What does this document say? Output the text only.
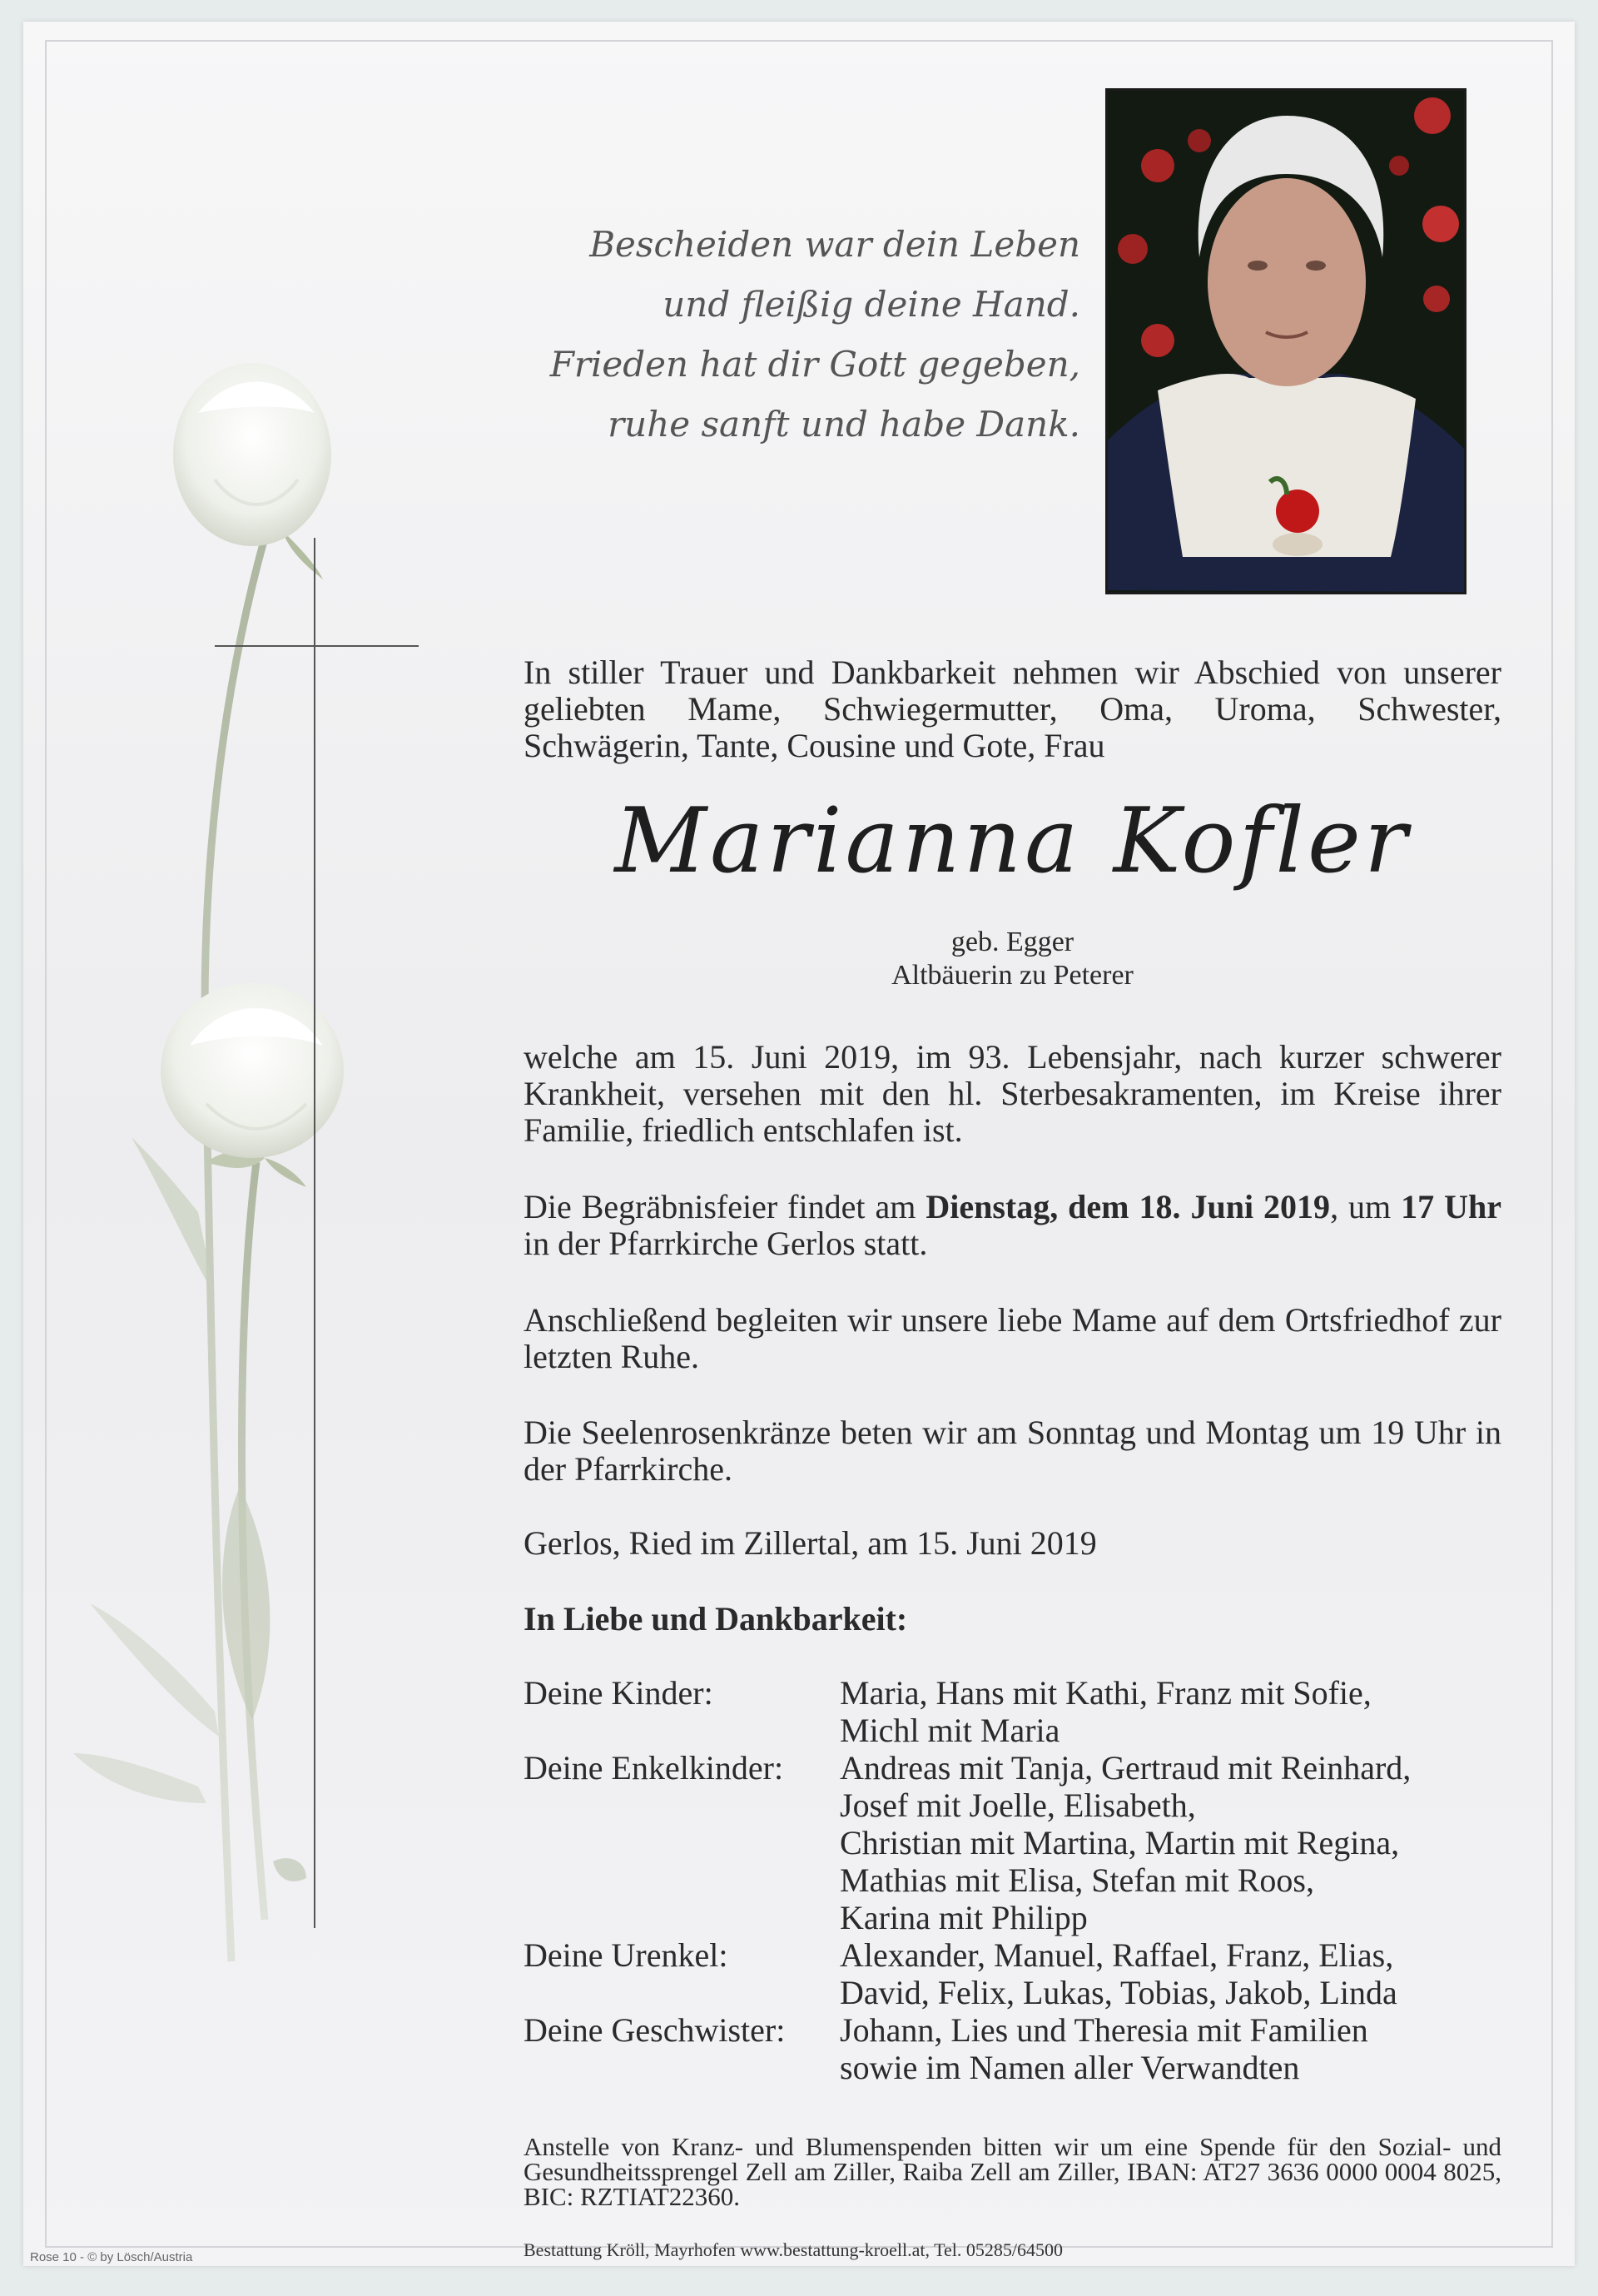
Bescheiden war dein Leben
und fleißig deine Hand.
Frieden hat dir Gott gegeben,
ruhe sanft und habe Dank.
In stiller Trauer und Dankbarkeit nehmen wir Abschied von unserer geliebten Mame, Schwiegermutter, Oma, Uroma, Schwester, Schwägerin, Tante, Cousine und Gote, Frau
Marianna Kofler
geb. Egger
Altbäuerin zu Peterer
welche am 15. Juni 2019, im 93. Lebensjahr, nach kurzer schwerer Krankheit, versehen mit den hl. Sterbesakramenten, im Kreise ihrer Familie, friedlich entschlafen ist.
Die Begräbnisfeier findet am Dienstag, dem 18. Juni 2019, um 17 Uhr in der Pfarrkirche Gerlos statt.
Anschließend begleiten wir unsere liebe Mame auf dem Ortsfriedhof zur letzten Ruhe.
Die Seelenrosenkränze beten wir am Sonntag und Montag um 19 Uhr in der Pfarrkirche.
Gerlos, Ried im Zillertal, am 15. Juni 2019
In Liebe und Dankbarkeit:
Deine Kinder:	Maria, Hans mit Kathi, Franz mit Sofie,
Michl mit Maria
Deine Enkelkinder:	Andreas mit Tanja, Gertraud mit Reinhard,
Josef mit Joelle, Elisabeth,
Christian mit Martina, Martin mit Regina,
Mathias mit Elisa, Stefan mit Roos,
Karina mit Philipp
Deine Urenkel:	Alexander, Manuel, Raffael, Franz, Elias,
David, Felix, Lukas, Tobias, Jakob, Linda
Deine Geschwister:	Johann, Lies und Theresia mit Familien
sowie im Namen aller Verwandten
Anstelle von Kranz- und Blumenspenden bitten wir um eine Spende für den Sozial- und Gesundheitssprengel Zell am Ziller, Raiba Zell am Ziller, IBAN: AT27 3636 0000 0004 8025, BIC: RZTIAT22360.
Bestattung Kröll, Mayrhofen www.bestattung-kroell.at, Tel. 05285/64500
Rose 10 - © by Lösch/Austria
